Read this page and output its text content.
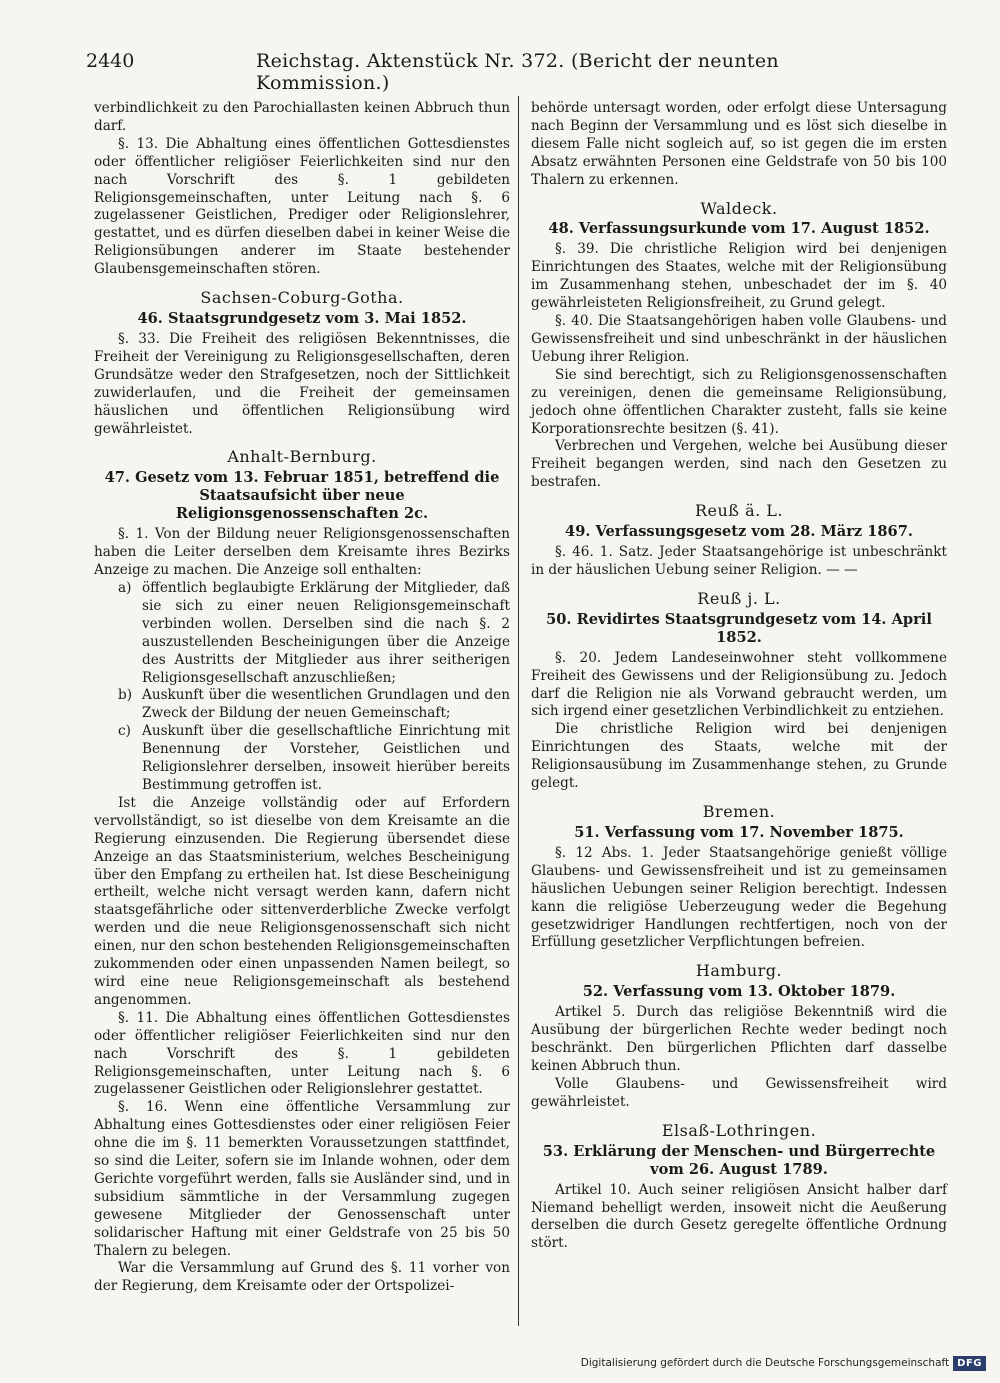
2440	Reichstag. Aktenstück Nr. 372. (Bericht der neunten Kommission.)

verbindlichkeit zu den Parochiallasten keinen Abbruch thun darf.

§. 13. Die Abhaltung eines öffentlichen Gottesdienstes oder öffentlicher religiöser Feierlichkeiten sind nur den nach Vorschrift des §. 1 gebildeten Religionsgemeinschaften, unter Leitung nach §. 6 zugelassener Geistlichen, Prediger oder Religionslehrer, gestattet, und es dürfen dieselben dabei in keiner Weise die Religionsübungen anderer im Staate bestehender Glaubensgemeinschaften stören.

Sachsen-Coburg-Gotha.
46. Staatsgrundgesetz vom 3. Mai 1852.

§. 33. Die Freiheit des religiösen Bekenntnisses, die Freiheit der Vereinigung zu Religionsgesellschaften, deren Grundsätze weder den Strafgesetzen, noch der Sittlichkeit zuwiderlaufen, und die Freiheit der gemeinsamen häuslichen und öffentlichen Religionsübung wird gewährleistet.

Anhalt-Bernburg.
47. Gesetz vom 13. Februar 1851, betreffend die Staatsaufsicht über neue Religionsgenossenschaften 2c.

§. 1. Von der Bildung neuer Religionsgenossenschaften haben die Leiter derselben dem Kreisamte ihres Bezirks Anzeige zu machen. Die Anzeige soll enthalten:

a) öffentlich beglaubigte Erklärung der Mitglieder, daß sie sich zu einer neuen Religionsgemeinschaft verbinden wollen. Derselben sind die nach §. 2 auszustellenden Bescheinigungen über die Anzeige des Austritts der Mitglieder aus ihrer seitherigen Religionsgesellschaft anzuschließen;
b) Auskunft über die wesentlichen Grundlagen und den Zweck der Bildung der neuen Gemeinschaft;
c) Auskunft über die gesellschaftliche Einrichtung mit Benennung der Vorsteher, Geistlichen und Religionslehrer derselben, insoweit hierüber bereits Bestimmung getroffen ist.

Ist die Anzeige vollständig oder auf Erfordern vervollständigt, so ist dieselbe von dem Kreisamte an die Regierung einzusenden. Die Regierung übersendet diese Anzeige an das Staatsministerium, welches Bescheinigung über den Empfang zu ertheilen hat. Ist diese Bescheinigung ertheilt, welche nicht versagt werden kann, dafern nicht staatsgefährliche oder sittenverderbliche Zwecke verfolgt werden und die neue Religionsgenossenschaft sich nicht einen, nur den schon bestehenden Religionsgemeinschaften zukommenden oder einen unpassenden Namen beilegt, so wird eine neue Religionsgemeinschaft als bestehend angenommen.

§. 11. Die Abhaltung eines öffentlichen Gottesdienstes oder öffentlicher religiöser Feierlichkeiten sind nur den nach Vorschrift des §. 1 gebildeten Religionsgemeinschaften, unter Leitung nach §. 6 zugelassener Geistlichen oder Religionslehrer gestattet.

§. 16. Wenn eine öffentliche Versammlung zur Abhaltung eines Gottesdienstes oder einer religiösen Feier ohne die im §. 11 bemerkten Voraussetzungen stattfindet, so sind die Leiter, sofern sie im Inlande wohnen, oder dem Gerichte vorgeführt werden, falls sie Ausländer sind, und in subsidium sämmtliche in der Versammlung zugegen gewesene Mitglieder der Genossenschaft unter solidarischer Haftung mit einer Geldstrafe von 25 bis 50 Thalern zu belegen.

War die Versammlung auf Grund des §. 11 vorher von der Regierung, dem Kreisamte oder der Ortspolizei-

behörde untersagt worden, oder erfolgt diese Untersagung nach Beginn der Versammlung und es löst sich dieselbe in diesem Falle nicht sogleich auf, so ist gegen die im ersten Absatz erwähnten Personen eine Geldstrafe von 50 bis 100 Thalern zu erkennen.

Waldeck.
48. Verfassungsurkunde vom 17. August 1852.

§. 39. Die christliche Religion wird bei denjenigen Einrichtungen des Staates, welche mit der Religionsübung im Zusammenhang stehen, unbeschadet der im §. 40 gewährleisteten Religionsfreiheit, zu Grund gelegt.

§. 40. Die Staatsangehörigen haben volle Glaubens- und Gewissensfreiheit und sind unbeschränkt in der häuslichen Uebung ihrer Religion.

Sie sind berechtigt, sich zu Religionsgenossenschaften zu vereinigen, denen die gemeinsame Religionsübung, jedoch ohne öffentlichen Charakter zusteht, falls sie keine Korporationsrechte besitzen (§. 41).

Verbrechen und Vergehen, welche bei Ausübung dieser Freiheit begangen werden, sind nach den Gesetzen zu bestrafen.

Reuß ä. L.
49. Verfassungsgesetz vom 28. März 1867.

§. 46. 1. Satz. Jeder Staatsangehörige ist unbeschränkt in der häuslichen Uebung seiner Religion. — —

Reuß j. L.
50. Revidirtes Staatsgrundgesetz vom 14. April 1852.

§. 20. Jedem Landeseinwohner steht vollkommene Freiheit des Gewissens und der Religionsübung zu. Jedoch darf die Religion nie als Vorwand gebraucht werden, um sich irgend einer gesetzlichen Verbindlichkeit zu entziehen.

Die christliche Religion wird bei denjenigen Einrichtungen des Staats, welche mit der Religionsausübung im Zusammenhange stehen, zu Grunde gelegt.

Bremen.
51. Verfassung vom 17. November 1875.

§. 12 Abs. 1. Jeder Staatsangehörige genießt völlige Glaubens- und Gewissensfreiheit und ist zu gemeinsamen häuslichen Uebungen seiner Religion berechtigt. Indessen kann die religiöse Ueberzeugung weder die Begehung gesetzwidriger Handlungen rechtfertigen, noch von der Erfüllung gesetzlicher Verpflichtungen befreien.

Hamburg.
52. Verfassung vom 13. Oktober 1879.

Artikel 5. Durch das religiöse Bekenntniß wird die Ausübung der bürgerlichen Rechte weder bedingt noch beschränkt. Den bürgerlichen Pflichten darf dasselbe keinen Abbruch thun.

Volle Glaubens- und Gewissensfreiheit wird gewährleistet.

Elsaß-Lothringen.
53. Erklärung der Menschen- und Bürgerrechte vom 26. August 1789.

Artikel 10. Auch seiner religiösen Ansicht halber darf Niemand behelligt werden, insoweit nicht die Aeußerung derselben die durch Gesetz geregelte öffentliche Ordnung stört.

Digitalisierung gefördert durch die Deutsche Forschungsgemeinschaft DFG
